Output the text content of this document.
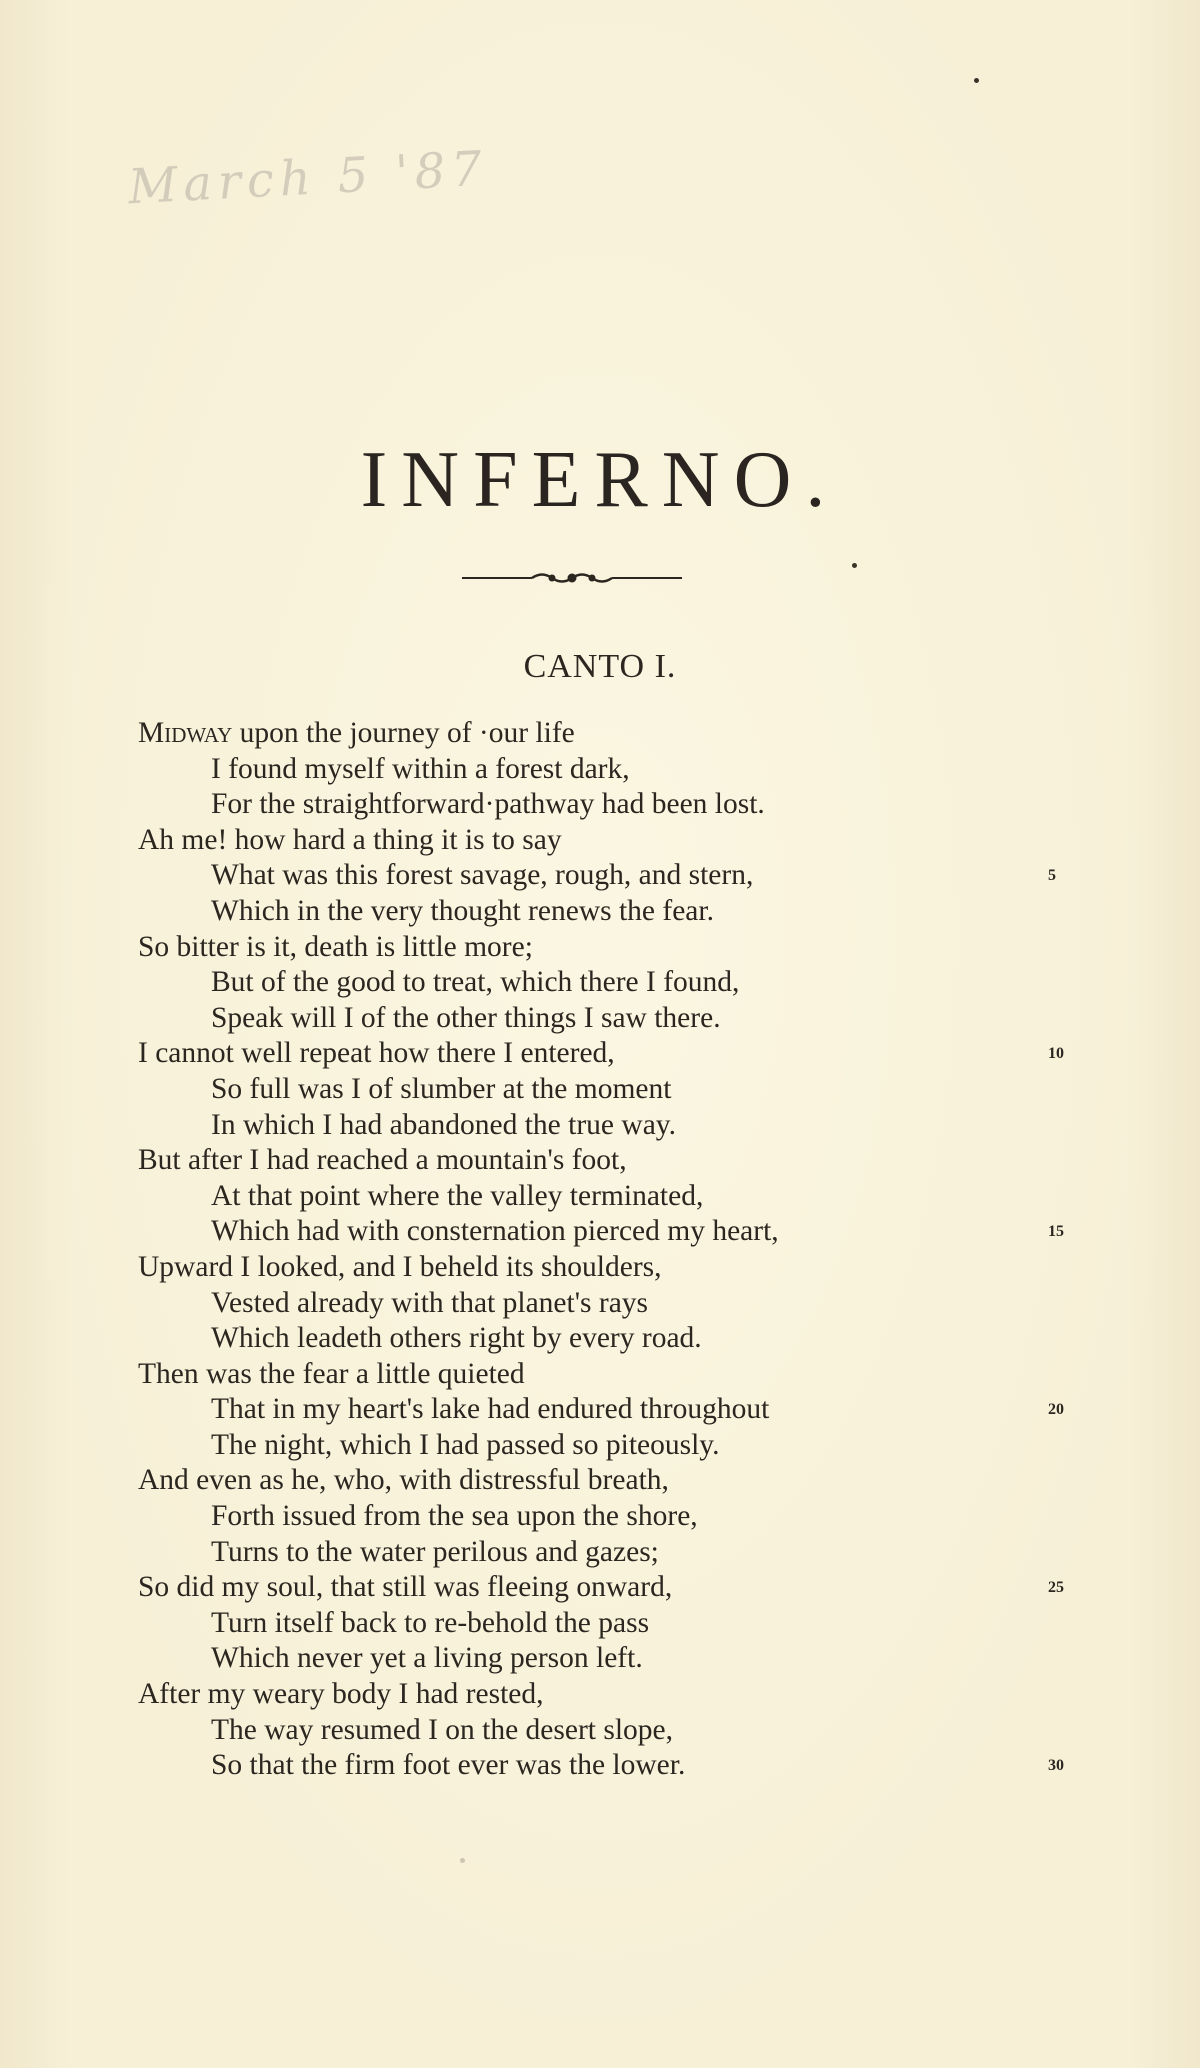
March 5 '87
INFERNO.
CANTO I.
Midway upon the journey of ·our life
I found myself within a forest dark,
For the straightforward·pathway had been lost.
Ah me! how hard a thing it is to say
What was this forest savage, rough, and stern,
Which in the very thought renews the fear.
So bitter is it, death is little more;
But of the good to treat, which there I found,
Speak will I of the other things I saw there.
I cannot well repeat how there I entered,
So full was I of slumber at the moment
In which I had abandoned the true way.
But after I had reached a mountain's foot,
At that point where the valley terminated,
Which had with consternation pierced my heart,
Upward I looked, and I beheld its shoulders,
Vested already with that planet's rays
Which leadeth others right by every road.
Then was the fear a little quieted
That in my heart's lake had endured throughout
The night, which I had passed so piteously.
And even as he, who, with distressful breath,
Forth issued from the sea upon the shore,
Turns to the water perilous and gazes;
So did my soul, that still was fleeing onward,
Turn itself back to re-behold the pass
Which never yet a living person left.
After my weary body I had rested,
The way resumed I on the desert slope,
So that the firm foot ever was the lower.
5
10
15
20
25
30
